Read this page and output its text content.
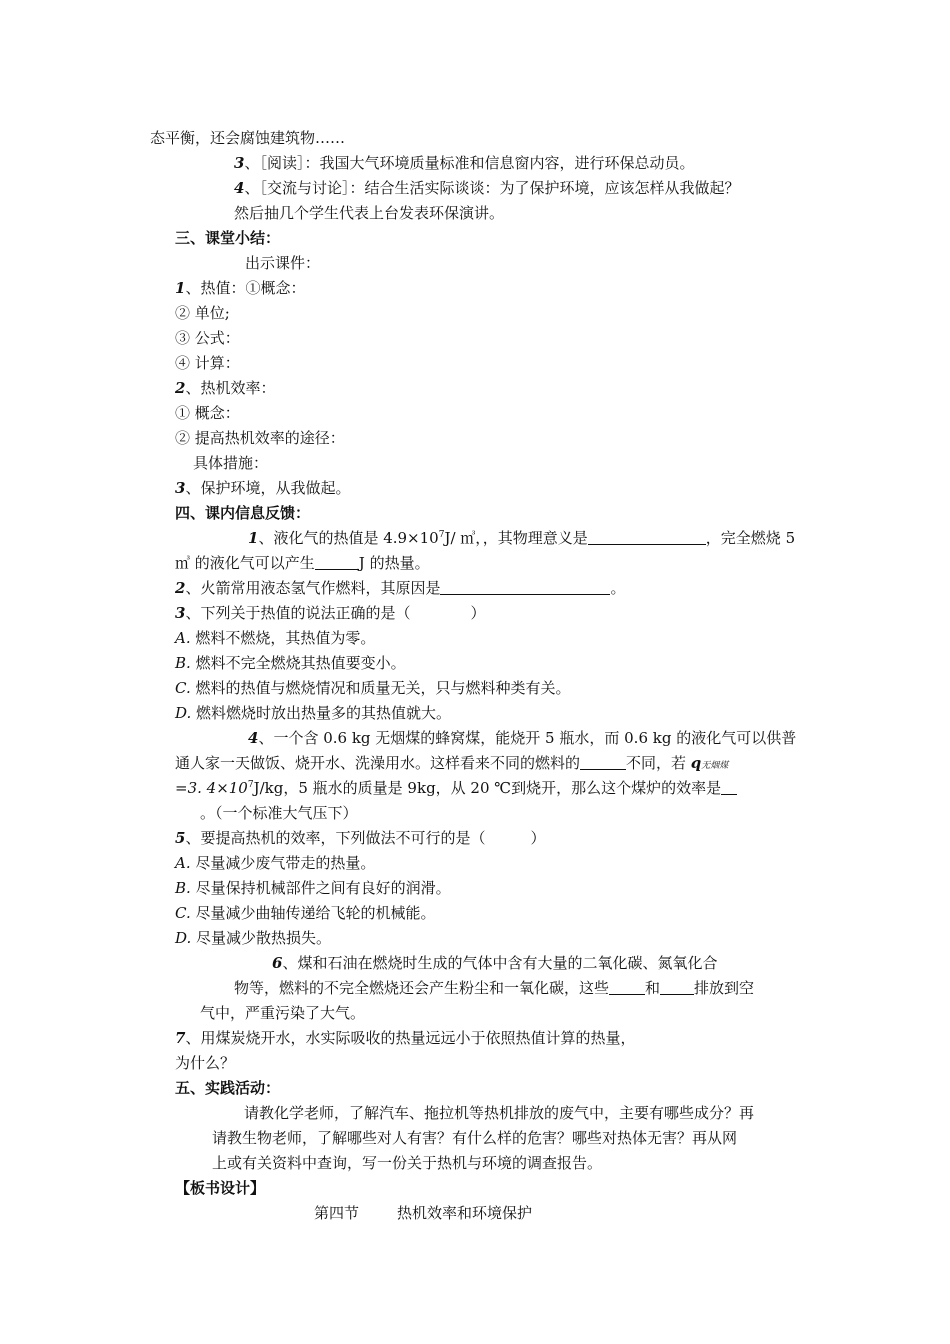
态平衡，还会腐蚀建筑物……
3、［阅读］：我国大气环境质量标准和信息窗内容，进行环保总动员。
4、［交流与讨论］：结合生活实际谈谈：为了保护环境，应该怎样从我做起？
然后抽几个学生代表上台发表环保演讲。
三、课堂小结：
出示课件：
1、热值：①概念：
② 单位;
③ 公式：
④ 计算：
2、热机效率：
① 概念：
② 提高热机效率的途径：
具体措施：
3、保护环境，从我做起。
四、课内信息反馈：
1、液化气的热值是 $4.9\times 10^7J/$ ㎥，，其物理意义是	，完全燃烧 5
㎥ 的液化气可以产生	J 的热量。
2、火箭常用液态氢气作燃料，其原因是	。
3、下列关于热值的说法正确的是（　　　　）
A. 燃料不燃烧，其热值为零。
B. 燃料不完全燃烧其热值要变小。
C. 燃料的热值与燃烧情况和质量无关，只与燃料种类有关。
D. 燃料燃烧时放出热量多的其热值就大。
4、一个含 0.6 kg 无烟煤的蜂窝煤，能烧开 5 瓶水，而 0.6 kg 的液化气可以供普
通人家一天做饭、烧开水、洗澡用水。这样看来不同的燃料的	不同，若 q无烟煤
=3. $4\times 10^7J/kg$，5 瓶水的质量是 9kg，从 20 ℃到烧开，那么这个煤炉的效率是
。（一个标准大气压下）
5、要提高热机的效率，下列做法不可行的是（　　　）
A. 尽量减少废气带走的热量。
B. 尽量保持机械部件之间有良好的润滑。
C. 尽量减少曲轴传递给飞轮的机械能。
D. 尽量减少散热损失。
6、煤和石油在燃烧时生成的气体中含有大量的二氧化碳、氮氧化合
物等，燃料的不完全燃烧还会产生粉尘和一氧化碳，这些 和 排放到空
气中，严重污染了大气。
7、用煤炭烧开水，水实际吸收的热量远远小于依照热值计算的热量，
为什么？
五、实践活动：
请教化学老师，了解汽车、拖拉机等热机排放的废气中，主要有哪些成分？再
请教生物老师，了解哪些对人有害？有什么样的危害？哪些对热体无害？再从网
上或有关资料中查询，写一份关于热机与环境的调查报告。
【板书设计】
第四节	热机效率和环境保护
